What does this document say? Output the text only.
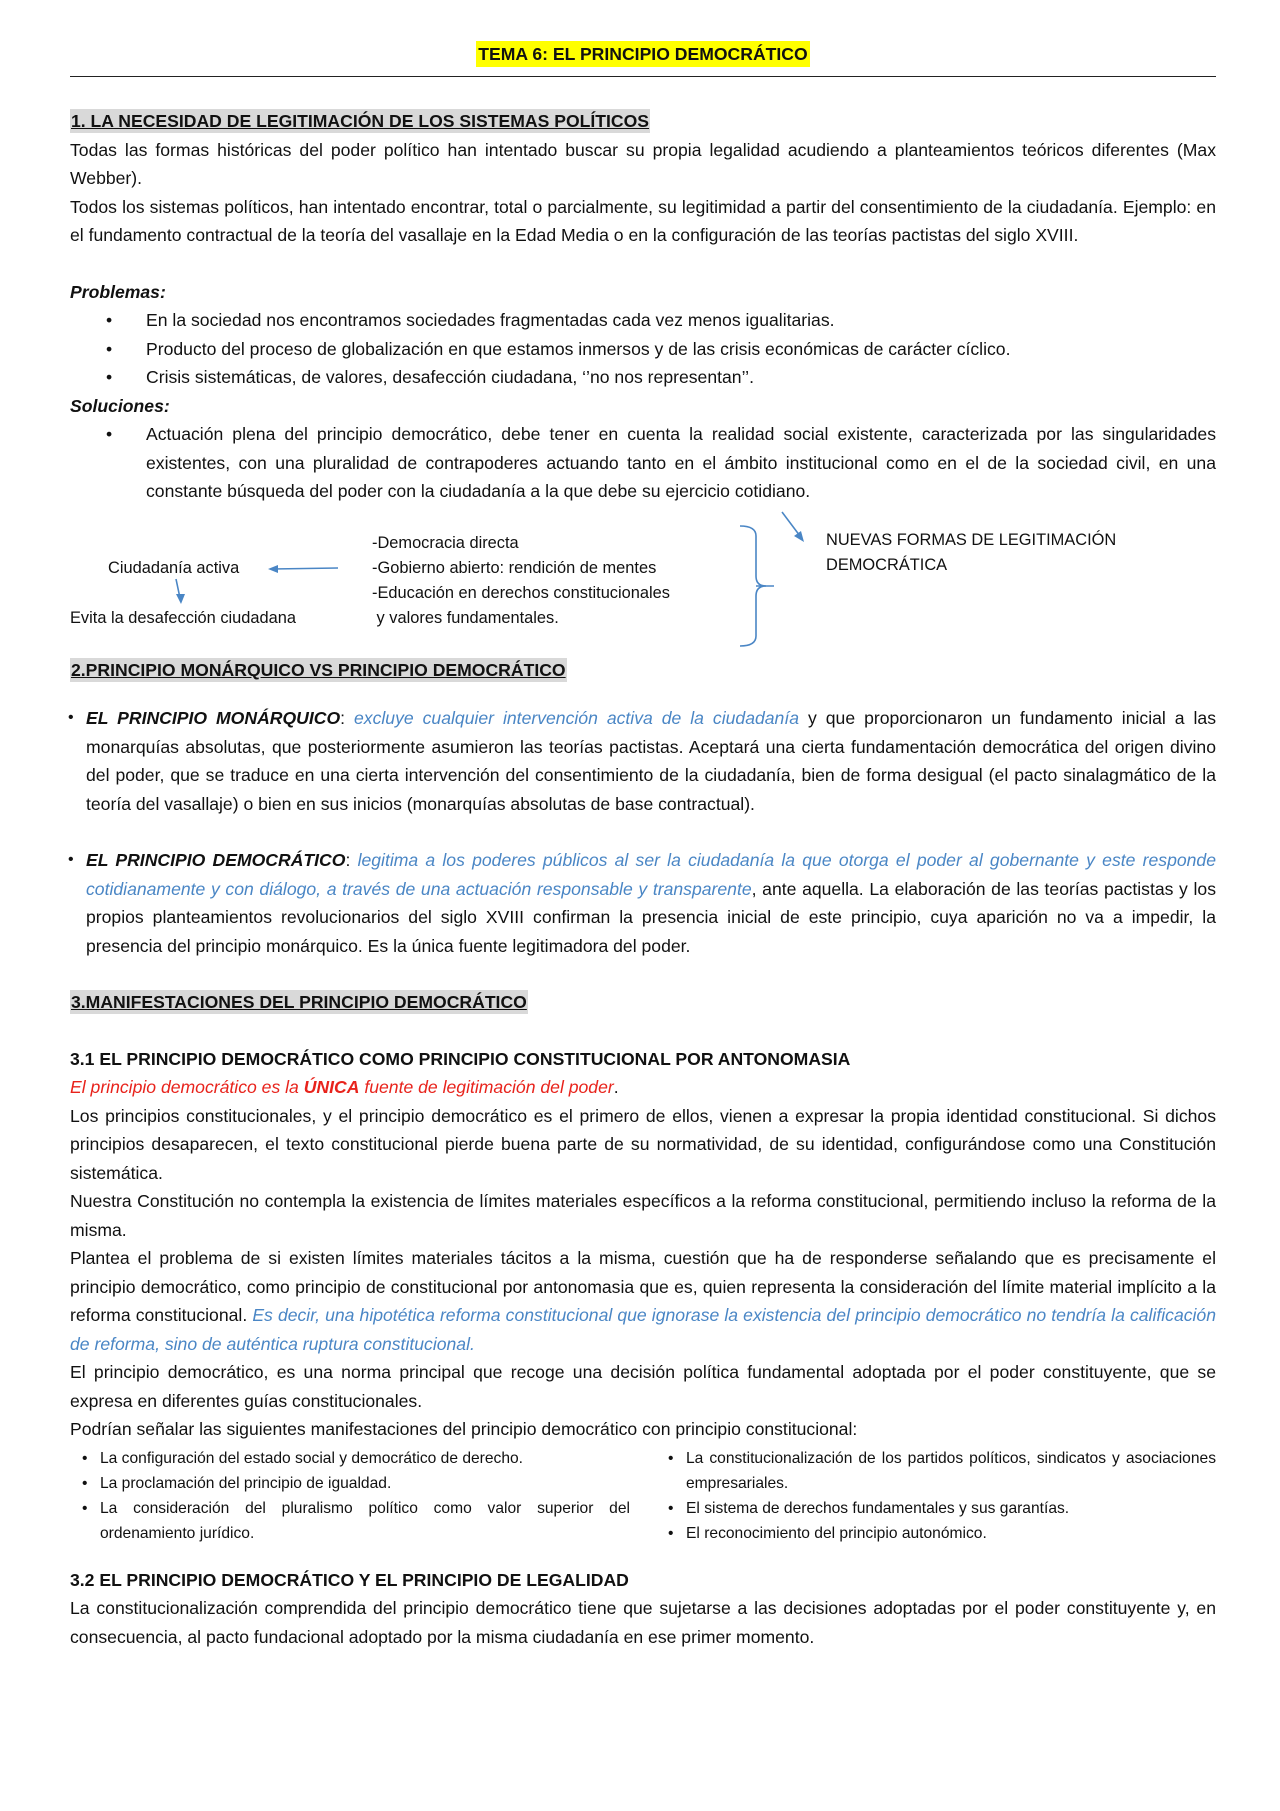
TEMA 6: EL PRINCIPIO DEMOCRÁTICO
1. LA NECESIDAD DE LEGITIMACIÓN DE LOS SISTEMAS POLÍTICOS

Todas las formas históricas del poder político han intentado buscar su propia legalidad acudiendo a planteamientos teóricos diferentes (Max Webber).

Todos los sistemas políticos, han intentado encontrar, total o parcialmente, su legitimidad a partir del consentimiento de la ciudadanía. Ejemplo: en el fundamento contractual de la teoría del vasallaje en la Edad Media o en la configuración de las teorías pactistas del siglo XVIII.

Problemas:

• En la sociedad nos encontramos sociedades fragmentadas cada vez menos igualitarias.
• Producto del proceso de globalización en que estamos inmersos y de las crisis económicas de carácter cíclico.
• Crisis sistemáticas, de valores, desafección ciudadana, ‘’no nos representan’’.

Soluciones:

• Actuación plena del principio democrático, debe tener en cuenta la realidad social existente, caracterizada por las singularidades existentes, con una pluralidad de contrapoderes actuando tanto en el ámbito institucional como en el de la sociedad civil, en una constante búsqueda del poder con la ciudadanía a la que debe su ejercicio cotidiano.
Ciudadanía activa
Evita la desafección ciudadana
-Democracia directa
-Gobierno abierto: rendición de mentes
-Educación en derechos constitucionales
y valores fundamentales.
NUEVAS FORMAS DE LEGITIMACIÓN
DEMOCRÁTICA
2.PRINCIPIO MONÁRQUICO VS PRINCIPIO DEMOCRÁTICO
• EL PRINCIPIO MONÁRQUICO: excluye cualquier intervención activa de la ciudadanía y que proporcionaron un fundamento inicial a las monarquías absolutas, que posteriormente asumieron las teorías pactistas. Aceptará una cierta fundamentación democrática del origen divino del poder, que se traduce en una cierta intervención del consentimiento de la ciudadanía, bien de forma desigual (el pacto sinalagmático de la teoría del vasallaje) o bien en sus inicios (monarquías absolutas de base contractual).
• EL PRINCIPIO DEMOCRÁTICO: legitima a los poderes públicos al ser la ciudadanía la que otorga el poder al gobernante y este responde cotidianamente y con diálogo, a través de una actuación responsable y transparente, ante aquella. La elaboración de las teorías pactistas y los propios planteamientos revolucionarios del siglo XVIII confirman la presencia inicial de este principio, cuya aparición no va a impedir, la presencia del principio monárquico. Es la única fuente legitimadora del poder.
3.MANIFESTACIONES DEL PRINCIPIO DEMOCRÁTICO

3.1 EL PRINCIPIO DEMOCRÁTICO COMO PRINCIPIO CONSTITUCIONAL POR ANTONOMASIA

El principio democrático es la ÚNICA fuente de legitimación del poder.

Los principios constitucionales, y el principio democrático es el primero de ellos, vienen a expresar la propia identidad constitucional. Si dichos principios desaparecen, el texto constitucional pierde buena parte de su normatividad, de su identidad, configurándose como una Constitución sistemática.

Nuestra Constitución no contempla la existencia de límites materiales específicos a la reforma constitucional, permitiendo incluso la reforma de la misma.

Plantea el problema de si existen límites materiales tácitos a la misma, cuestión que ha de responderse señalando que es precisamente el principio democrático, como principio de constitucional por antonomasia que es, quien representa la consideración del límite material implícito a la reforma constitucional. Es decir, una hipotética reforma constitucional que ignorase la existencia del principio democrático no tendría la calificación de reforma, sino de auténtica ruptura constitucional.

El principio democrático, es una norma principal que recoge una decisión política fundamental adoptada por el poder constituyente, que se expresa en diferentes guías constitucionales.

Podrían señalar las siguientes manifestaciones del principio democrático con principio constitucional:

• La configuración del estado social y democrático de derecho.
• La proclamación del principio de igualdad.
• La consideración del pluralismo político como valor superior del ordenamiento jurídico.
• La constitucionalización de los partidos políticos, sindicatos y asociaciones empresariales.
• El sistema de derechos fundamentales y sus garantías.
• El reconocimiento del principio autonómico.

3.2 EL PRINCIPIO DEMOCRÁTICO Y EL PRINCIPIO DE LEGALIDAD

La constitucionalización comprendida del principio democrático tiene que sujetarse a las decisiones adoptadas por el poder constituyente y, en consecuencia, al pacto fundacional adoptado por la misma ciudadanía en ese primer momento.
